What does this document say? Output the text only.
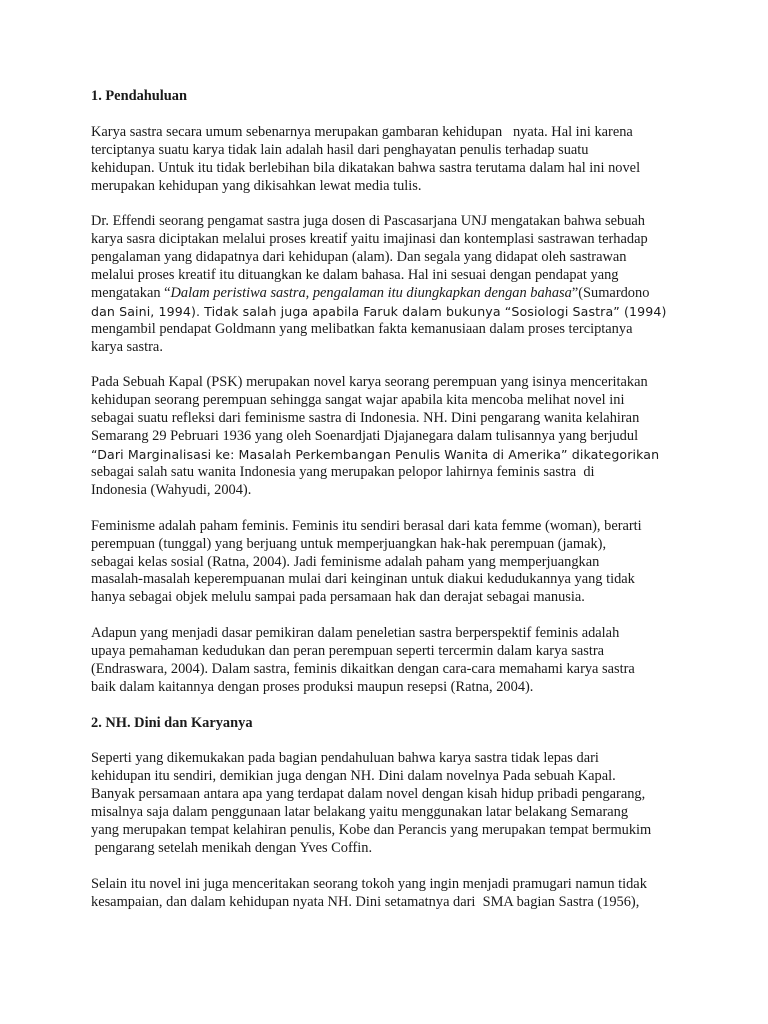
1. Pendahuluan
Karya sastra secara umum sebenarnya merupakan gambaran kehidupan   nyata. Hal ini karena
terciptanya suatu karya tidak lain adalah hasil dari penghayatan penulis terhadap suatu
kehidupan. Untuk itu tidak berlebihan bila dikatakan bahwa sastra terutama dalam hal ini novel
merupakan kehidupan yang dikisahkan lewat media tulis.
Dr. Effendi seorang pengamat sastra juga dosen di Pascasarjana UNJ mengatakan bahwa sebuah
karya sasra diciptakan melalui proses kreatif yaitu imajinasi dan kontemplasi sastrawan terhadap
pengalaman yang didapatnya dari kehidupan (alam). Dan segala yang didapat oleh sastrawan
melalui proses kreatif itu dituangkan ke dalam bahasa. Hal ini sesuai dengan pendapat yang
mengatakan “Dalam peristiwa sastra, pengalaman itu diungkapkan dengan bahasa”(Sumardono
dan Saini, 1994). Tidak salah juga apabila Faruk dalam bukunya “Sosiologi Sastra” (1994)
mengambil pendapat Goldmann yang melibatkan fakta kemanusiaan dalam proses terciptanya
karya sastra.
Pada Sebuah Kapal (PSK) merupakan novel karya seorang perempuan yang isinya menceritakan
kehidupan seorang perempuan sehingga sangat wajar apabila kita mencoba melihat novel ini
sebagai suatu refleksi dari feminisme sastra di Indonesia. NH. Dini pengarang wanita kelahiran
Semarang 29 Pebruari 1936 yang oleh Soenardjati Djajanegara dalam tulisannya yang berjudul
“Dari Marginalisasi ke: Masalah Perkembangan Penulis Wanita di Amerika” dikategorikan
sebagai salah satu wanita Indonesia yang merupakan pelopor lahirnya feminis sastra  di
Indonesia (Wahyudi, 2004).
Feminisme adalah paham feminis. Feminis itu sendiri berasal dari kata femme (woman), berarti
perempuan (tunggal) yang berjuang untuk memperjuangkan hak-hak perempuan (jamak),
sebagai kelas sosial (Ratna, 2004). Jadi feminisme adalah paham yang memperjuangkan
masalah-masalah keperempuanan mulai dari keinginan untuk diakui kedudukannya yang tidak
hanya sebagai objek melulu sampai pada persamaan hak dan derajat sebagai manusia.
Adapun yang menjadi dasar pemikiran dalam peneletian sastra berperspektif feminis adalah
upaya pemahaman kedudukan dan peran perempuan seperti tercermin dalam karya sastra
(Endraswara, 2004). Dalam sastra, feminis dikaitkan dengan cara-cara memahami karya sastra
baik dalam kaitannya dengan proses produksi maupun resepsi (Ratna, 2004).
2. NH. Dini dan Karyanya
Seperti yang dikemukakan pada bagian pendahuluan bahwa karya sastra tidak lepas dari
kehidupan itu sendiri, demikian juga dengan NH. Dini dalam novelnya Pada sebuah Kapal.
Banyak persamaan antara apa yang terdapat dalam novel dengan kisah hidup pribadi pengarang,
misalnya saja dalam penggunaan latar belakang yaitu menggunakan latar belakang Semarang
yang merupakan tempat kelahiran penulis, Kobe dan Perancis yang merupakan tempat bermukim
pengarang setelah menikah dengan Yves Coffin.
Selain itu novel ini juga menceritakan seorang tokoh yang ingin menjadi pramugari namun tidak
kesampaian, dan dalam kehidupan nyata NH. Dini setamatnya dari  SMA bagian Sastra (1956),
